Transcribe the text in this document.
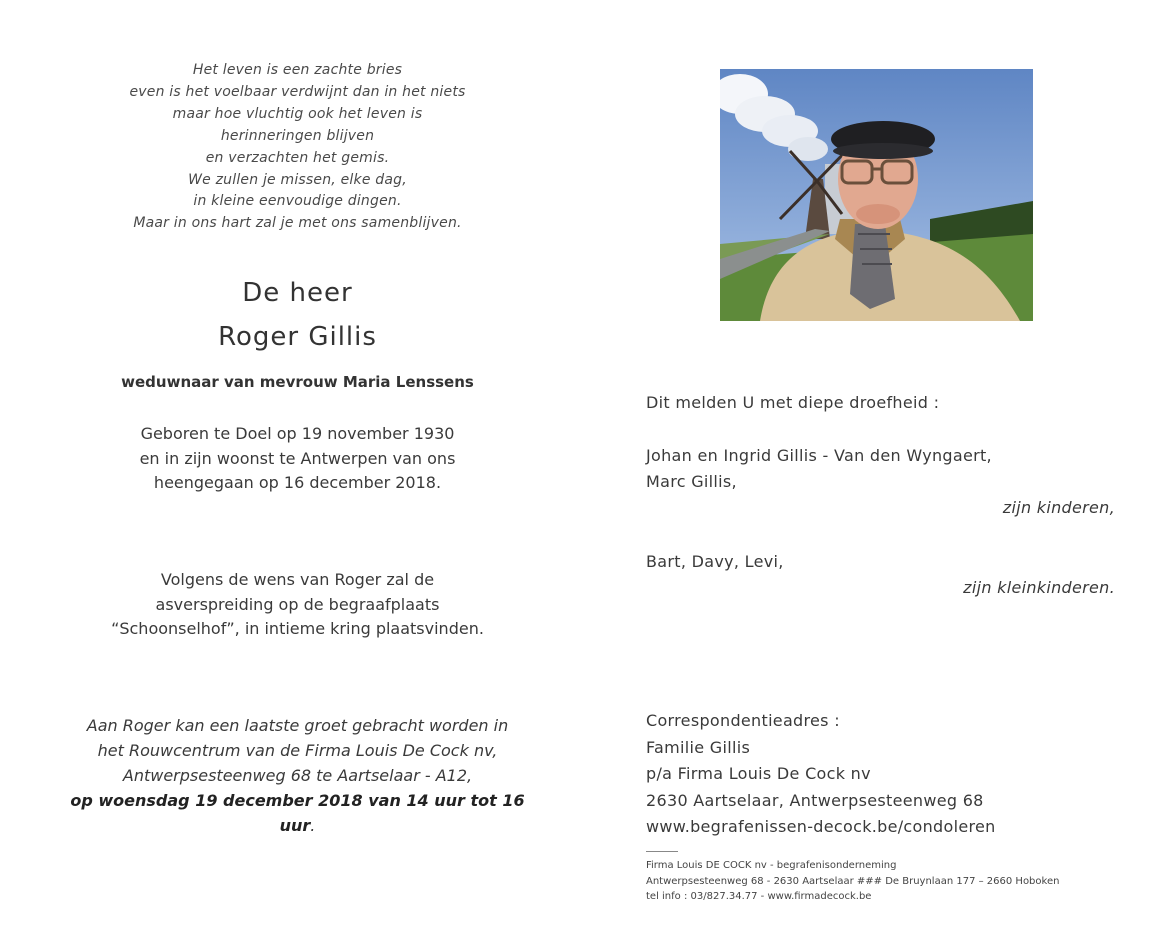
Het leven is een zachte bries
even is het voelbaar verdwijnt dan in het niets
maar hoe vluchtig ook het leven is
herinneringen blijven
en verzachten het gemis.
We zullen je missen, elke dag,
in kleine eenvoudige dingen.
Maar in ons hart zal je met ons samenblijven.
De heer
Roger Gillis
weduwnaar van mevrouw Maria Lenssens
Geboren te Doel op 19 november 1930
en in zijn woonst te Antwerpen van ons
heengegaan op 16 december 2018.
Volgens de wens van Roger zal de
asverspreiding op de begraafplaats
“Schoonselhof”, in intieme kring plaatsvinden.
Aan Roger kan een laatste groet gebracht worden in
het Rouwcentrum van de Firma Louis De Cock nv,
Antwerpsesteenweg 68 te Aartselaar - A12,
op woensdag 19 december 2018 van 14 uur tot 16 uur.
Dit melden U met diepe droefheid :
Johan en Ingrid Gillis - Van den Wyngaert,
Marc Gillis,
zijn kinderen,
Bart, Davy, Levi,
zijn kleinkinderen.
Correspondentieadres :
Familie Gillis
p/a Firma Louis De Cock nv
2630 Aartselaar, Antwerpsesteenweg 68
www.begrafenissen-decock.be/condoleren
Firma Louis DE COCK nv - begrafenisonderneming
Antwerpsesteenweg 68 - 2630 Aartselaar ### De Bruynlaan 177 – 2660 Hoboken
tel info : 03/827.34.77 - www.firmadecock.be
